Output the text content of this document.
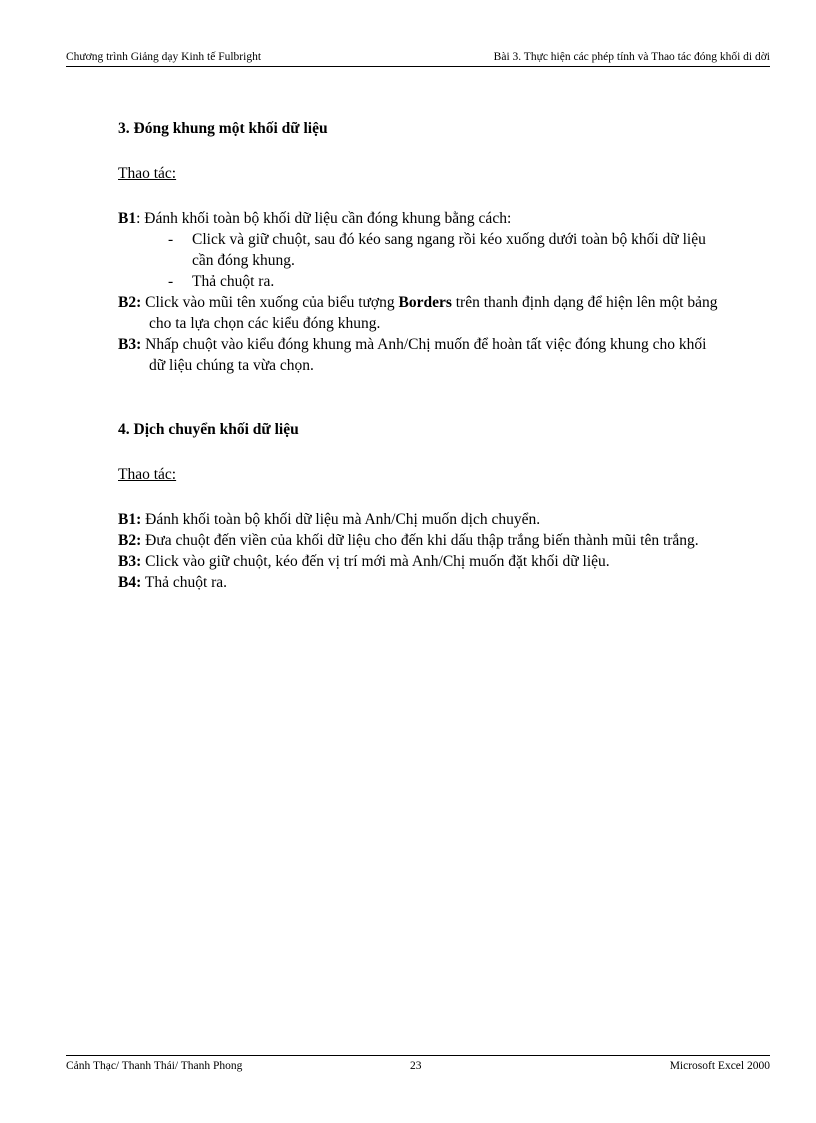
Chương trình Giảng dạy Kinh tế Fulbright	Bài 3. Thực hiện các phép tính và Thao tác đóng khối di dời

3. Đóng khung một khối dữ liệu

Thao tác:

B1: Đánh khối toàn bộ khối dữ liệu cần đóng khung bằng cách:

- Click và giữ chuột, sau đó kéo sang ngang rồi kéo xuống dưới toàn bộ khối dữ liệu cần đóng khung.

- Thả chuột ra.

B2: Click vào mũi tên xuống của biểu tượng Borders trên thanh định dạng để hiện lên một bảng cho ta lựa chọn các kiểu đóng khung.

B3: Nhấp chuột vào kiểu đóng khung mà Anh/Chị muốn để hoàn tất việc đóng khung cho khối dữ liệu chúng ta vừa chọn.

4. Dịch chuyển khối dữ liệu

Thao tác:

B1: Đánh khối toàn bộ khối dữ liệu mà Anh/Chị muốn dịch chuyển.

B2: Đưa chuột đến viền của khối dữ liệu cho đến khi dấu thập trắng biến thành mũi tên trắng.

B3: Click vào giữ chuột, kéo đến vị trí mới mà Anh/Chị muốn đặt khối dữ liệu.

B4: Thả chuột ra.

Cảnh Thạc/ Thanh Thái/ Thanh Phong	23	Microsoft Excel 2000
